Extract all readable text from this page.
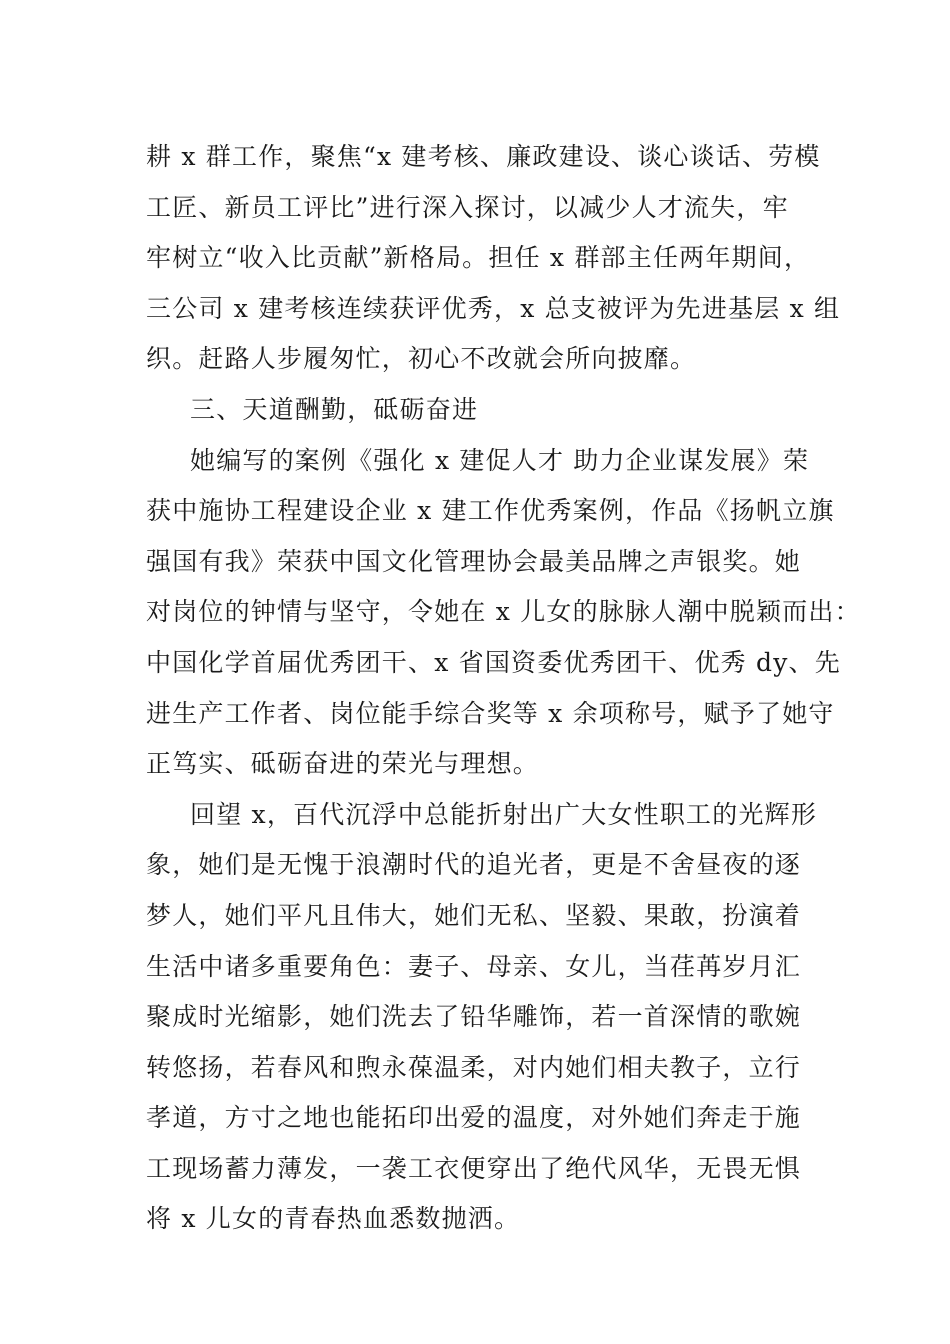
耕 x 群工作，聚焦“x 建考核、廉政建设、谈心谈话、劳模
工匠、新员工评比”进行深入探讨，以减少人才流失，牢
牢树立“收入比贡献”新格局。担任 x 群部主任两年期间，
三公司 x 建考核连续获评优秀，x 总支被评为先进基层 x 组
织。赶路人步履匆忙，初心不改就会所向披靡。
三、天道酬勤，砥砺奋进
她编写的案例《强化 x 建促人才 助力企业谋发展》荣
获中施协工程建设企业 x 建工作优秀案例，作品《扬帆立旗
强国有我》荣获中国文化管理协会最美品牌之声银奖。她
对岗位的钟情与坚守，令她在 x 儿女的脉脉人潮中脱颖而出：
中国化学首届优秀团干、x 省国资委优秀团干、优秀 dy、先
进生产工作者、岗位能手综合奖等 x 余项称号，赋予了她守
正笃实、砥砺奋进的荣光与理想。
回望 x，百代沉浮中总能折射出广大女性职工的光辉形
象，她们是无愧于浪潮时代的追光者，更是不舍昼夜的逐
梦人，她们平凡且伟大，她们无私、坚毅、果敢，扮演着
生活中诸多重要角色：妻子、母亲、女儿，当荏苒岁月汇
聚成时光缩影，她们洗去了铅华雕饰，若一首深情的歌婉
转悠扬，若春风和煦永葆温柔，对内她们相夫教子，立行
孝道，方寸之地也能拓印出爱的温度，对外她们奔走于施
工现场蓄力薄发，一袭工衣便穿出了绝代风华，无畏无惧
将 x 儿女的青春热血悉数抛洒。
